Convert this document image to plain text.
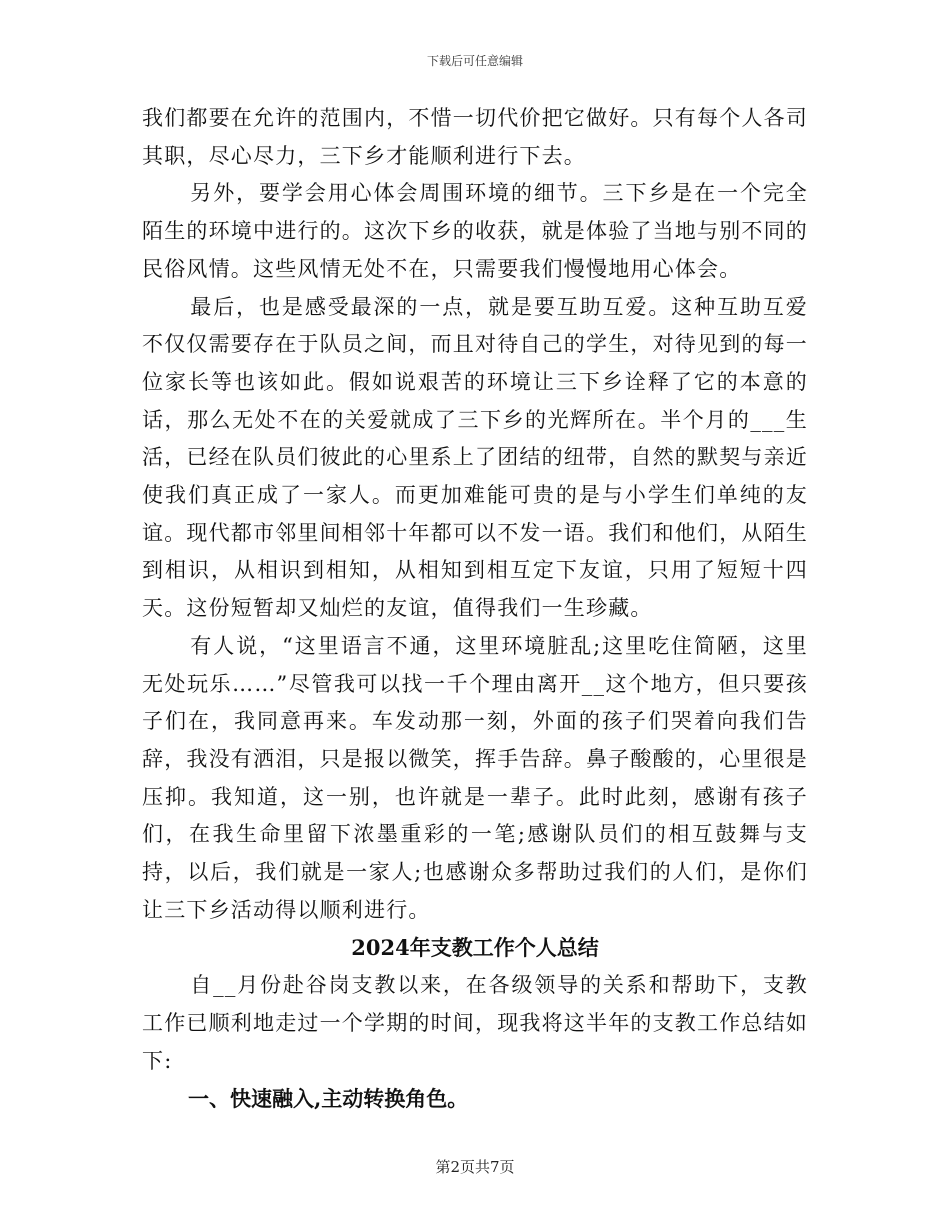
下载后可任意编辑

我们都要在允许的范围内，不惜一切代价把它做好。只有每个人各司其职，尽心尽力，三下乡才能顺利进行下去。

另外，要学会用心体会周围环境的细节。三下乡是在一个完全陌生的环境中进行的。这次下乡的收获，就是体验了当地与别不同的民俗风情。这些风情无处不在，只需要我们慢慢地用心体会。

最后，也是感受最深的一点，就是要互助互爱。这种互助互爱不仅仅需要存在于队员之间，而且对待自己的学生，对待见到的每一位家长等也该如此。假如说艰苦的环境让三下乡诠释了它的本意的话，那么无处不在的关爱就成了三下乡的光辉所在。半个月的___生活，已经在队员们彼此的心里系上了团结的纽带，自然的默契与亲近使我们真正成了一家人。而更加难能可贵的是与小学生们单纯的友谊。现代都市邻里间相邻十年都可以不发一语。我们和他们，从陌生到相识，从相识到相知，从相知到相互定下友谊，只用了短短十四天。这份短暂却又灿烂的友谊，值得我们一生珍藏。

有人说，“这里语言不通，这里环境脏乱;这里吃住简陋，这里无处玩乐……”尽管我可以找一千个理由离开__这个地方，但只要孩子们在，我同意再来。车发动那一刻，外面的孩子们哭着向我们告辞，我没有洒泪，只是报以微笑，挥手告辞。鼻子酸酸的，心里很是压抑。我知道，这一别，也许就是一辈子。此时此刻，感谢有孩子们，在我生命里留下浓墨重彩的一笔;感谢队员们的相互鼓舞与支持，以后，我们就是一家人;也感谢众多帮助过我们的人们，是你们让三下乡活动得以顺利进行。

2024年支教工作个人总结

自__月份赴谷岗支教以来，在各级领导的关系和帮助下，支教工作已顺利地走过一个学期的时间，现我将这半年的支教工作总结如下:

一、快速融入,主动转换角色。

第2页共7页
